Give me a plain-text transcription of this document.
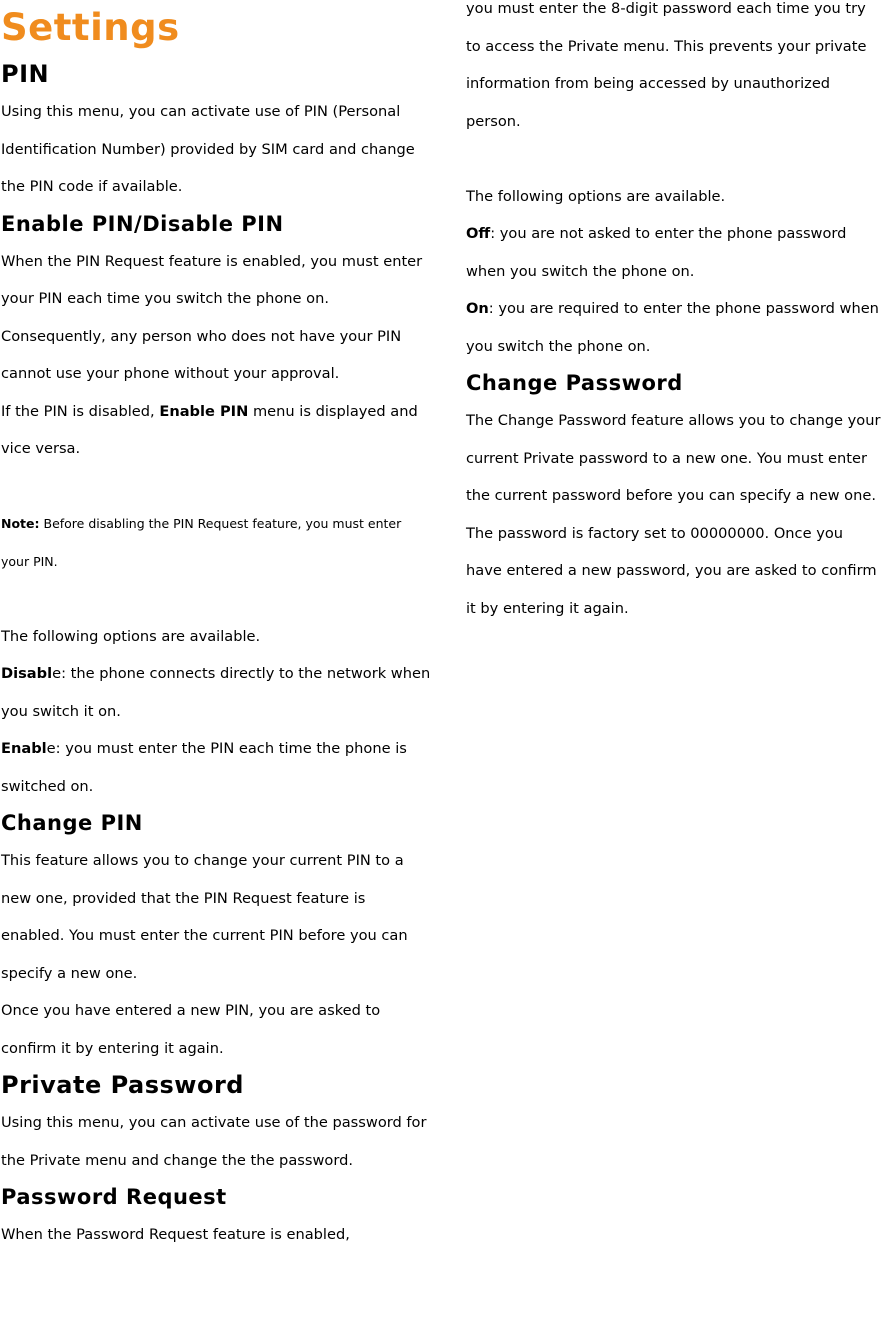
Settings
PIN

Using this menu, you can activate use of PIN (Personal Identification Number) provided by SIM card and change the PIN code if available.

Enable PIN/Disable PIN

When the PIN Request feature is enabled, you must enter your PIN each time you switch the phone on. Consequently, any person who does not have your PIN cannot use your phone without your approval.

If the PIN is disabled, Enable PIN menu is displayed and vice versa.

Note: Before disabling the PIN Request feature, you must enter your PIN.

The following options are available.

Disable: the phone connects directly to the network when you switch it on.

Enable: you must enter the PIN each time the phone is switched on.

Change PIN

This feature allows you to change your current PIN to a new one, provided that the PIN Request feature is enabled. You must enter the current PIN before you can specify a new one.

Once you have entered a new PIN, you are asked to confirm it by entering it again.

Private Password

Using this menu, you can activate use of the password for the Private menu and change the the password.

Password Request

When the Password Request feature is enabled,

you must enter the 8-digit password each time you try to access the Private menu. This prevents your private information from being accessed by unauthorized person.

The following options are available.

Off: you are not asked to enter the phone password when you switch the phone on.

On: you are required to enter the phone password when you switch the phone on.

Change Password

The Change Password feature allows you to change your current Private password to a new one. You must enter the current password before you can specify a new one.

The password is factory set to 00000000. Once you have entered a new password, you are asked to confirm it by entering it again.
